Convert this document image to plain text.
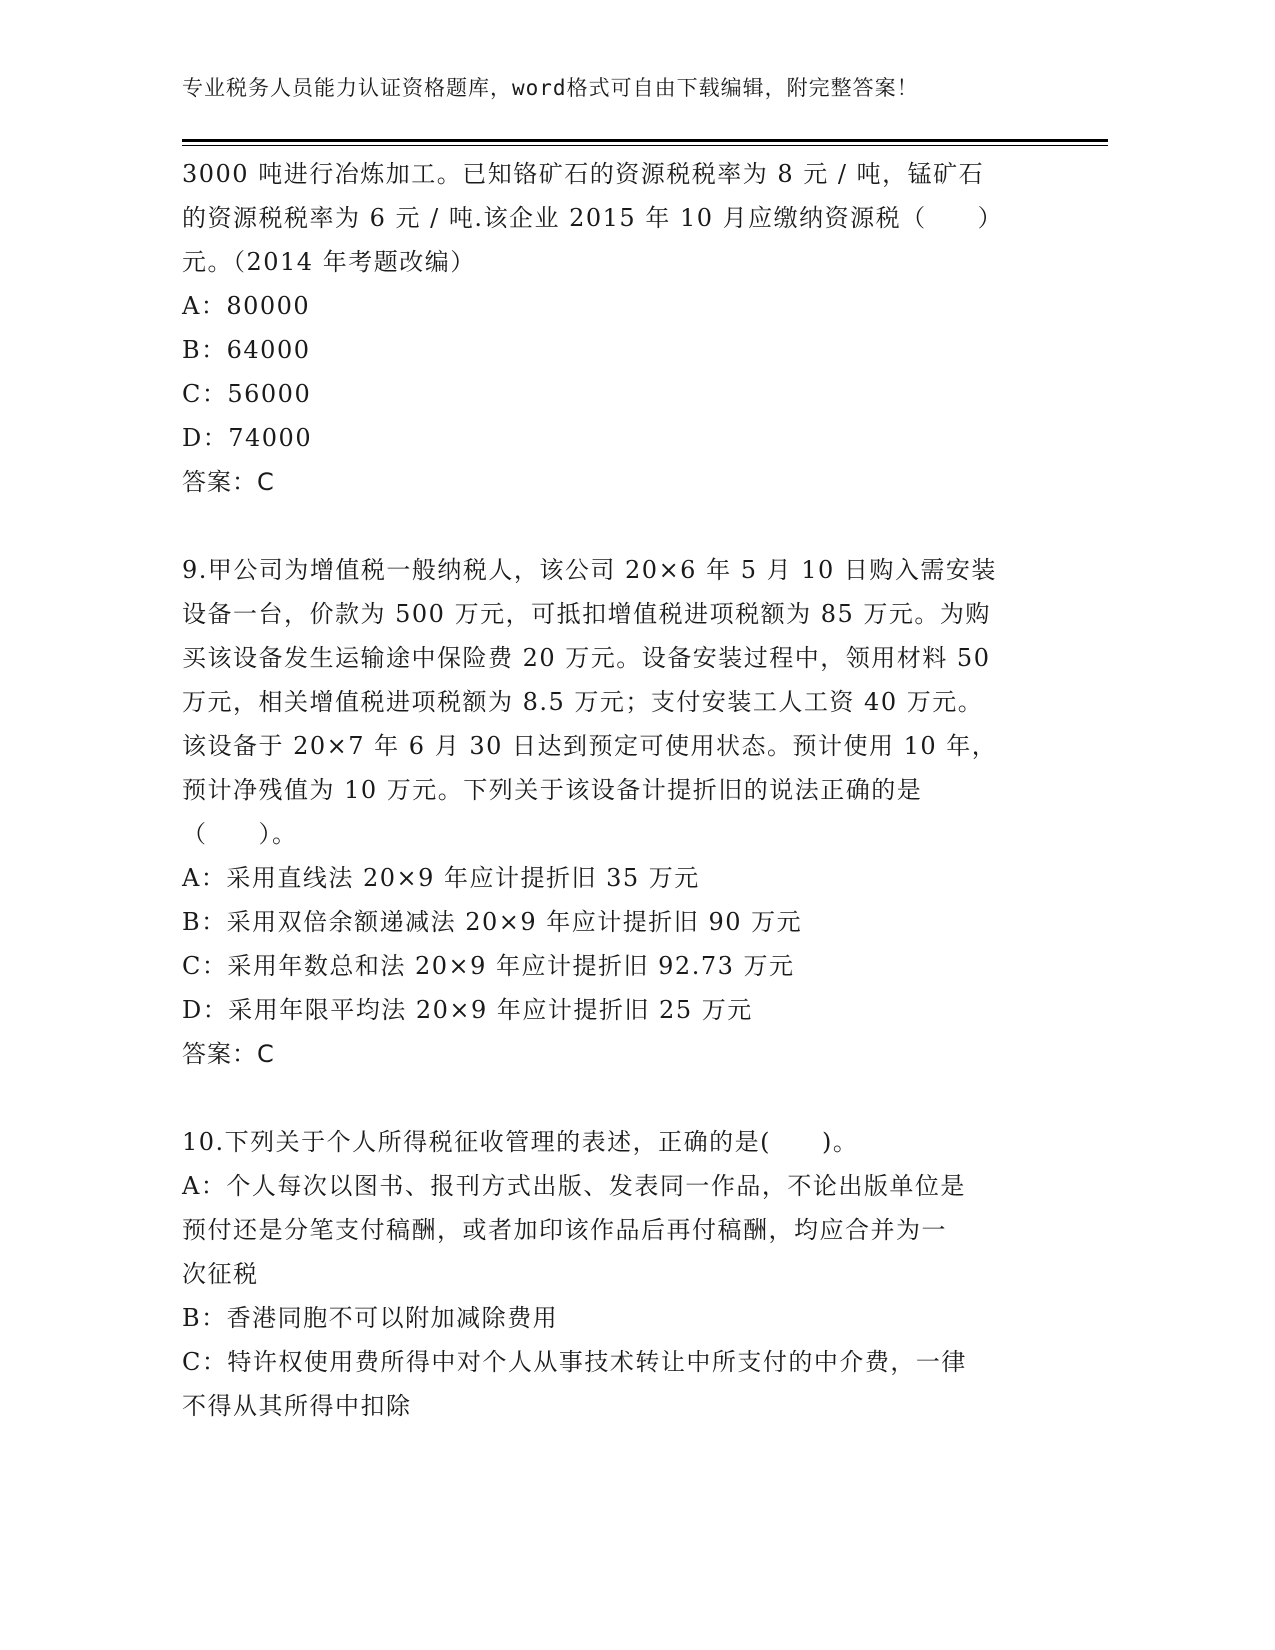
专业税务人员能力认证资格题库，word格式可自由下载编辑，附完整答案！
3000 吨进行冶炼加工。已知铬矿石的资源税税率为 8 元 / 吨，锰矿石
的资源税税率为 6 元 / 吨.该企业 2015 年 10 月应缴纳资源税（　　）
元。（2014 年考题改编）
A：80000
B：64000
C：56000
D：74000
答案：C
9.甲公司为增值税一般纳税人，该公司 20×6 年 5 月 10 日购入需安装
设备一台，价款为 500 万元，可抵扣增值税进项税额为 85 万元。为购
买该设备发生运输途中保险费 20 万元。设备安装过程中，领用材料 50
万元，相关增值税进项税额为 8.5 万元；支付安装工人工资 40 万元。
该设备于 20×7 年 6 月 30 日达到预定可使用状态。预计使用 10 年，
预计净残值为 10 万元。下列关于该设备计提折旧的说法正确的是
（　　）。
A：采用直线法 20×9 年应计提折旧 35 万元
B：采用双倍余额递减法 20×9 年应计提折旧 90 万元
C：采用年数总和法 20×9 年应计提折旧 92.73 万元
D：采用年限平均法 20×9 年应计提折旧 25 万元
答案：C
10.下列关于个人所得税征收管理的表述，正确的是(　　)。
A：个人每次以图书、报刊方式出版、发表同一作品，不论出版单位是
预付还是分笔支付稿酬，或者加印该作品后再付稿酬，均应合并为一
次征税
B：香港同胞不可以附加减除费用
C：特许权使用费所得中对个人从事技术转让中所支付的中介费，一律
不得从其所得中扣除
